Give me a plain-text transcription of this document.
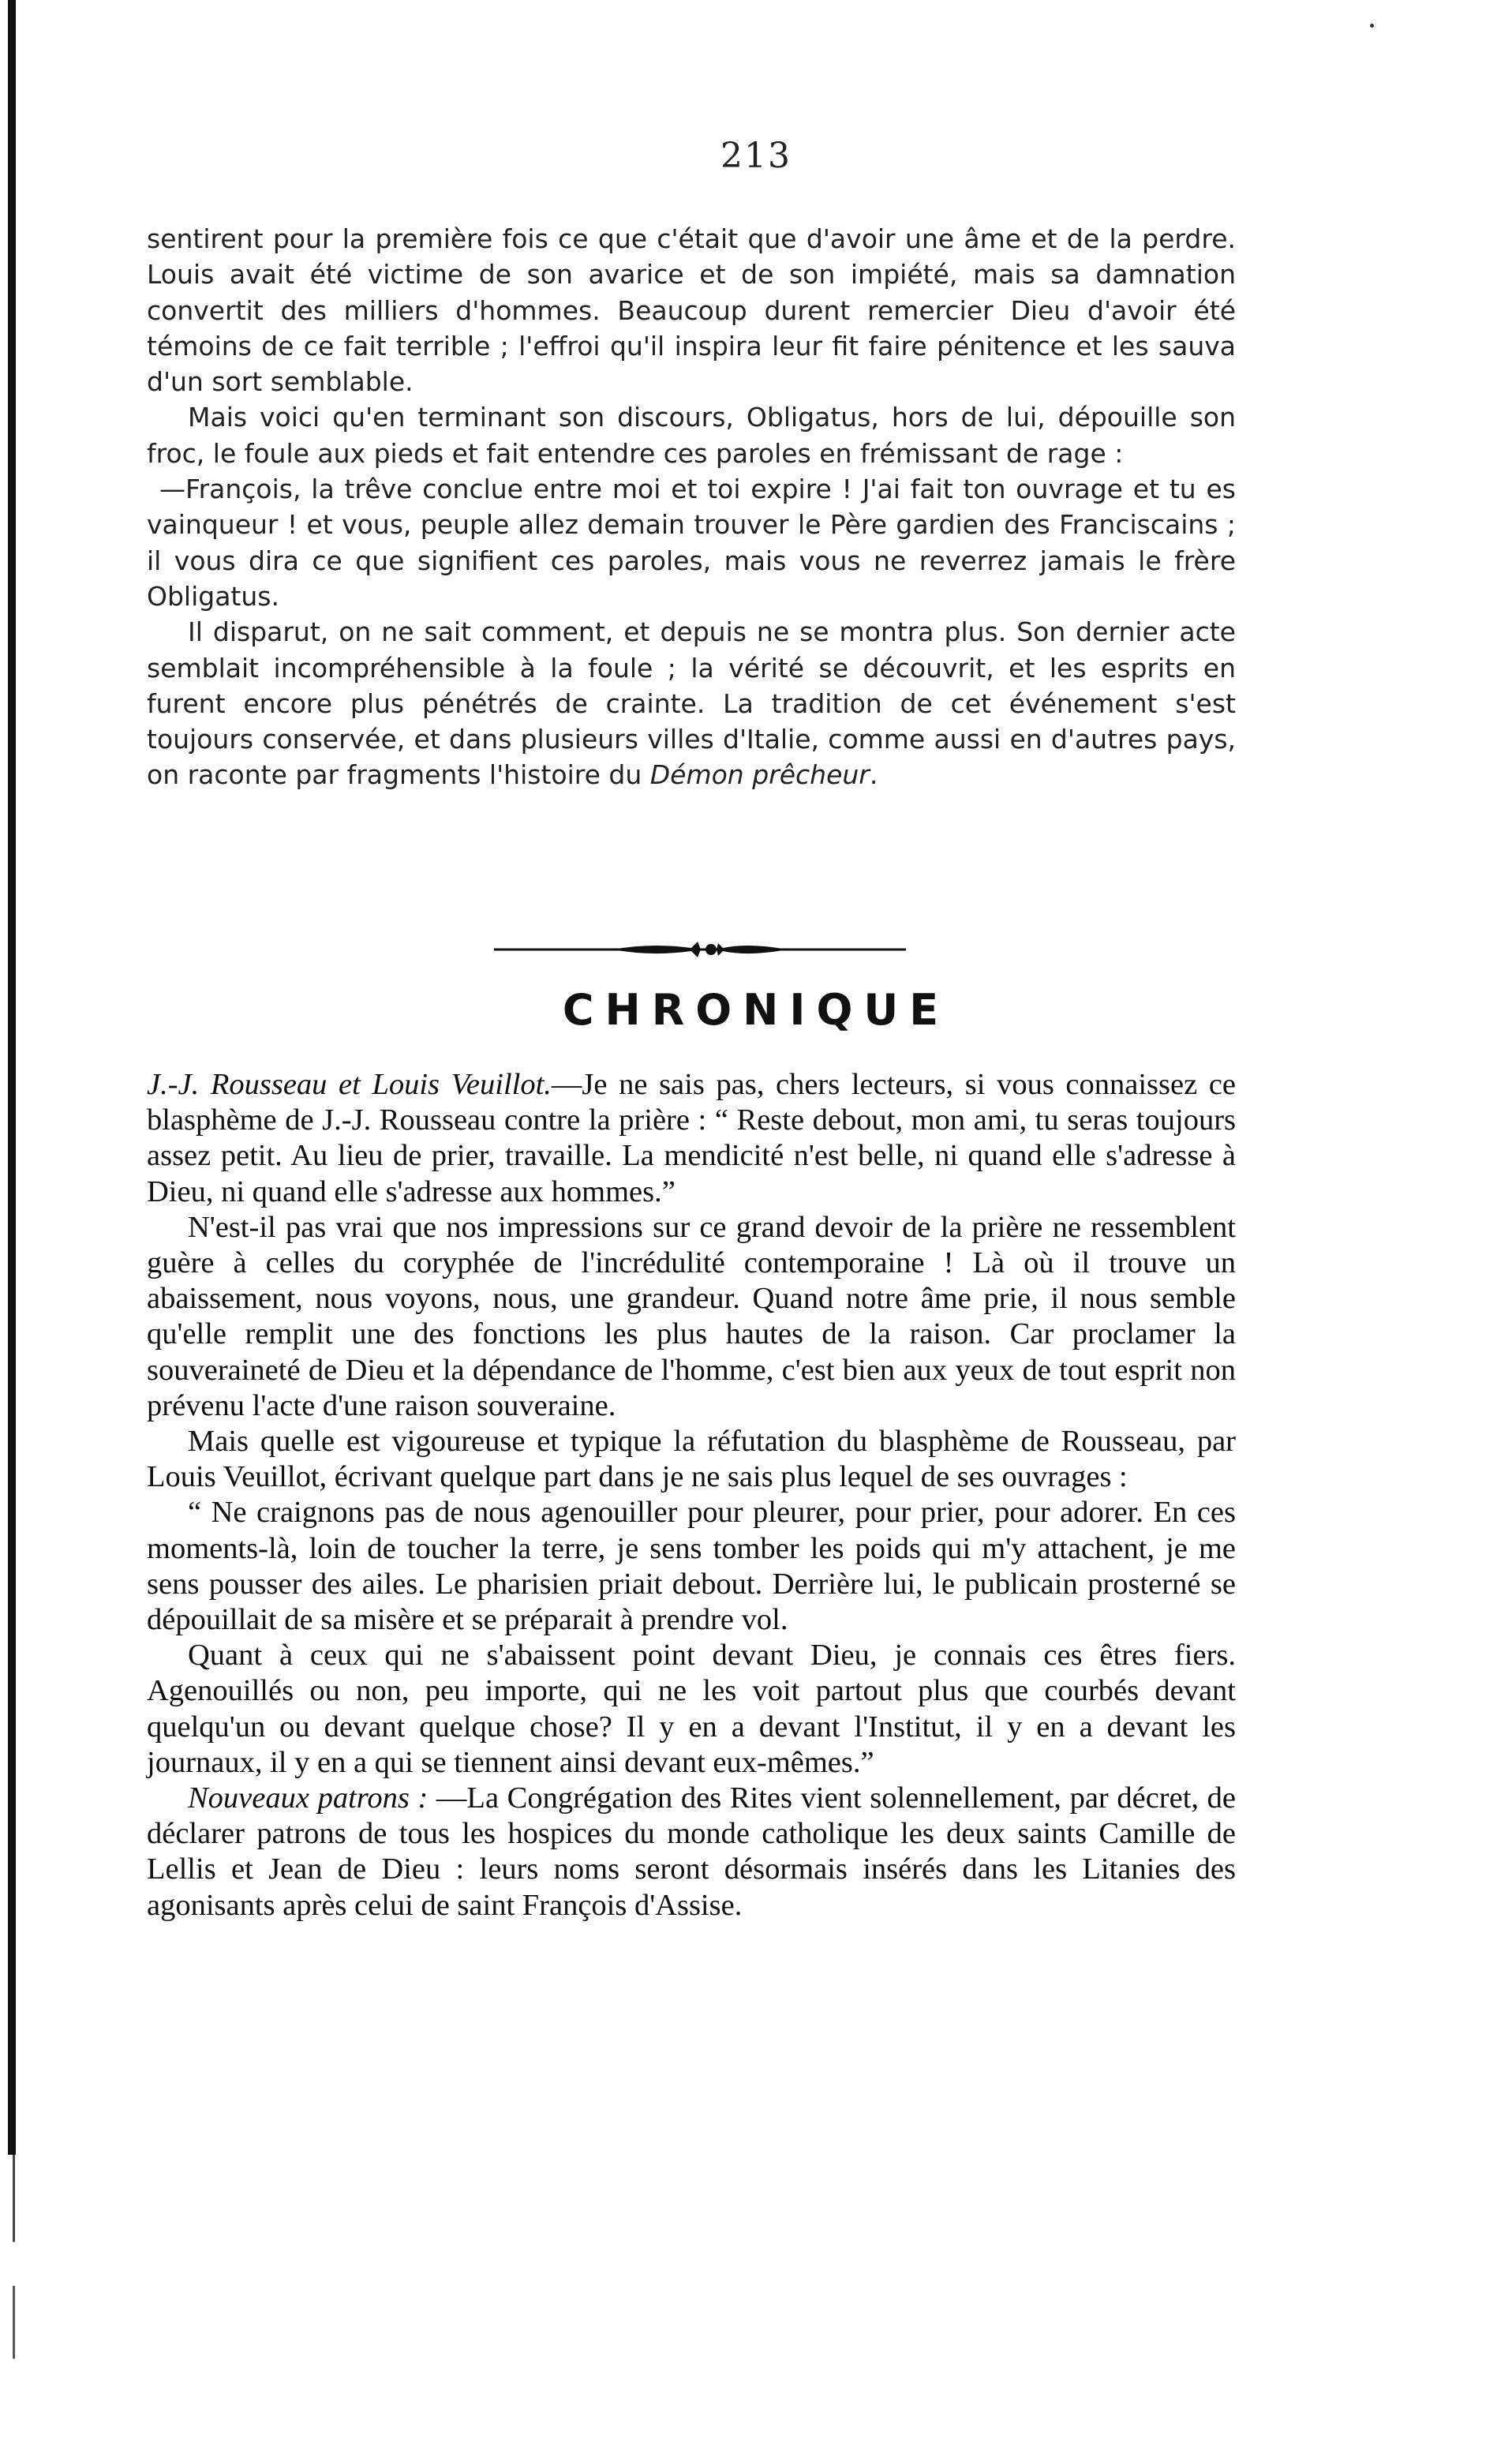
213

sentirent pour la première fois ce que c'était que d'avoir une âme et de la perdre. Louis avait été victime de son avarice et de son impiété, mais sa damnation convertit des milliers d'hommes. Beaucoup durent remercier Dieu d'avoir été témoins de ce fait terrible ; l'effroi qu'il inspira leur fit faire pénitence et les sauva d'un sort semblable.

Mais voici qu'en terminant son discours, Obligatus, hors de lui, dépouille son froc, le foule aux pieds et fait entendre ces paroles en frémissant de rage :

—François, la trêve conclue entre moi et toi expire ! J'ai fait ton ouvrage et tu es vainqueur ! et vous, peuple allez demain trouver le Père gardien des Franciscains ; il vous dira ce que signifient ces paroles, mais vous ne reverrez jamais le frère Obligatus.

Il disparut, on ne sait comment, et depuis ne se montra plus. Son dernier acte semblait incompréhensible à la foule ; la vérité se découvrit, et les esprits en furent encore plus pénétrés de crainte. La tradition de cet événement s'est toujours conservée, et dans plusieurs villes d'Italie, comme aussi en d'autres pays, on raconte par fragments l'histoire du Démon prêcheur.

CHRONIQUE

J.-J. Rousseau et Louis Veuillot.—Je ne sais pas, chers lecteurs, si vous connaissez ce blasphème de J.-J. Rousseau contre la prière : “ Reste debout, mon ami, tu seras toujours assez petit. Au lieu de prier, travaille. La mendicité n'est belle, ni quand elle s'adresse à Dieu, ni quand elle s'adresse aux hommes.”

N'est-il pas vrai que nos impressions sur ce grand devoir de la prière ne ressemblent guère à celles du coryphée de l'incrédulité contemporaine ! Là où il trouve un abaissement, nous voyons, nous, une grandeur. Quand notre âme prie, il nous semble qu'elle remplit une des fonctions les plus hautes de la raison. Car proclamer la souveraineté de Dieu et la dépendance de l'homme, c'est bien aux yeux de tout esprit non prévenu l'acte d'une raison souveraine.

Mais quelle est vigoureuse et typique la réfutation du blasphème de Rousseau, par Louis Veuillot, écrivant quelque part dans je ne sais plus lequel de ses ouvrages :

“ Ne craignons pas de nous agenouiller pour pleurer, pour prier, pour adorer. En ces moments-là, loin de toucher la terre, je sens tomber les poids qui m'y attachent, je me sens pousser des ailes. Le pharisien priait debout. Derrière lui, le publicain prosterné se dépouillait de sa misère et se préparait à prendre vol.

Quant à ceux qui ne s'abaissent point devant Dieu, je connais ces êtres fiers. Agenouillés ou non, peu importe, qui ne les voit partout plus que courbés devant quelqu'un ou devant quelque chose? Il y en a devant l'Institut, il y en a devant les journaux, il y en a qui se tiennent ainsi devant eux-mêmes.”

Nouveaux patrons : —La Congrégation des Rites vient solennellement, par décret, de déclarer patrons de tous les hospices du monde catholique les deux saints Camille de Lellis et Jean de Dieu : leurs noms seront désormais insérés dans les Litanies des agonisants après celui de saint François d'Assise.
